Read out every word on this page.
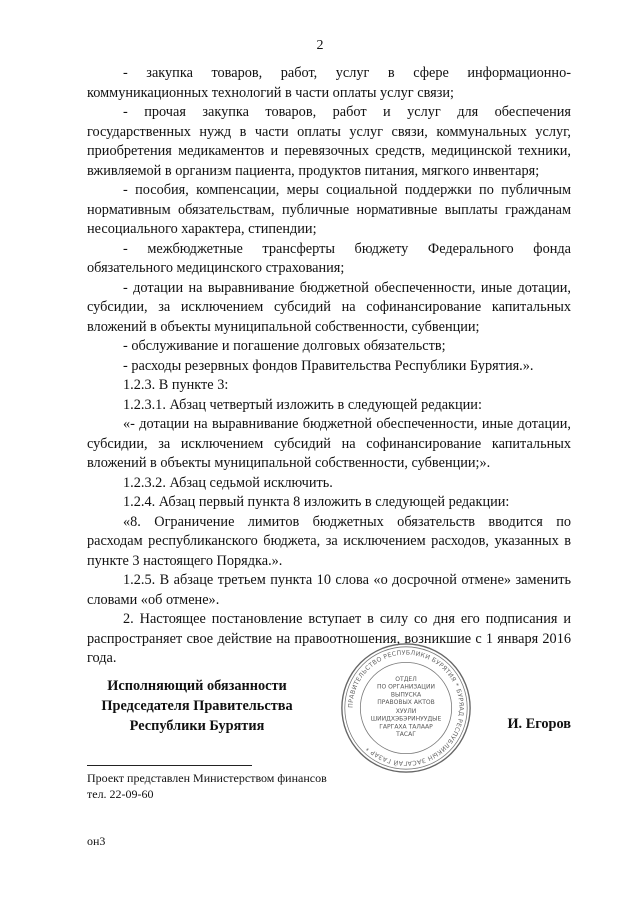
2

- закупка товаров, работ, услуг в сфере информационно-коммуникационных технологий в части оплаты услуг связи;

- прочая закупка товаров, работ и услуг для обеспечения государственных нужд в части оплаты услуг связи, коммунальных услуг, приобретения медикаментов и перевязочных средств, медицинской техники, вживляемой в организм пациента, продуктов питания, мягкого инвентаря;

- пособия, компенсации, меры социальной поддержки по публичным нормативным обязательствам, публичные нормативные выплаты гражданам несоциального характера, стипендии;

- межбюджетные трансферты бюджету Федерального фонда обязательного медицинского страхования;

- дотации на выравнивание бюджетной обеспеченности, иные дотации, субсидии, за исключением субсидий на софинансирование капитальных вложений в объекты муниципальной собственности, субвенции;

- обслуживание и погашение долговых обязательств;

- расходы резервных фондов Правительства Республики Бурятия.».

1.2.3. В пункте 3:

1.2.3.1. Абзац четвертый изложить в следующей редакции:

«- дотации на выравнивание бюджетной обеспеченности, иные дотации, субсидии, за исключением субсидий на софинансирование капитальных вложений в объекты муниципальной собственности, субвенции;».

1.2.3.2. Абзац седьмой исключить.

1.2.4. Абзац первый пункта 8 изложить в следующей редакции:

«8. Ограничение лимитов бюджетных обязательств вводится по расходам республиканского бюджета, за исключением расходов, указанных в пункте 3 настоящего Порядка.».

1.2.5. В абзаце третьем пункта 10 слова «о досрочной отмене» заменить словами «об отмене».

2. Настоящее постановление вступает в силу со дня его подписания и распространяет свое действие на правоотношения, возникшие с 1 января 2016 года.

Исполняющий обязанности
Председателя Правительства
Республики Бурятия
ПРАВИТЕЛЬСТВО РЕСПУБЛИКИ БУРЯТИЯ * БУРЯАД РЕСПУБЛИКЫН ЗАСАГАЙ ГАЗАР *
ОТДЕЛ
ПО ОРГАНИЗАЦИИ
ВЫПУСКА
ПРАВОВЫХ АКТОВ
ХУУЛИ
ШИИДХЭБЭРИНУУДЫЕ
ГАРГАХА ТАЛААР
ТАСАГ
И. Егоров
Проект представлен Министерством финансов
тел. 22-09-60
он3
